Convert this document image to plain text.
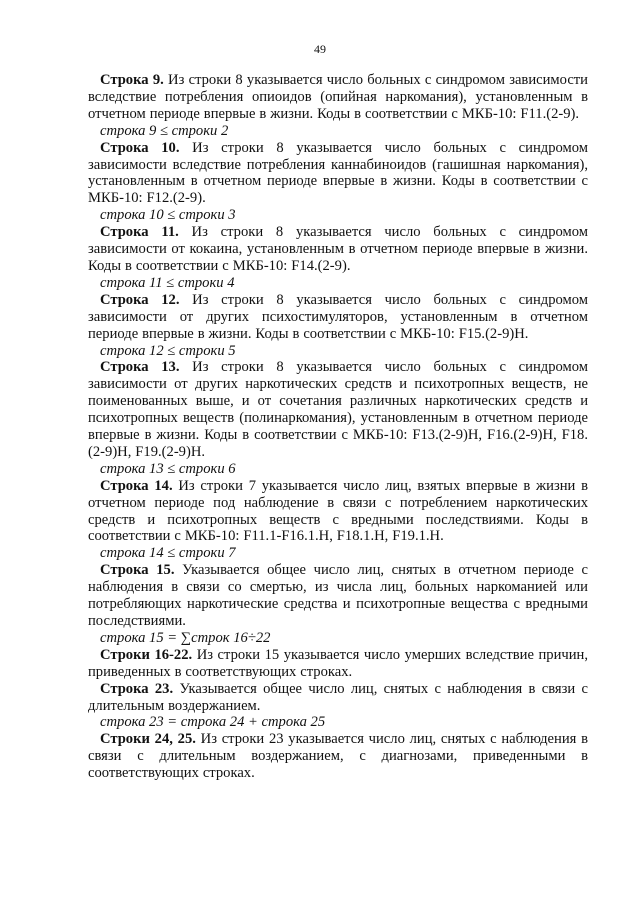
49

Строка 9. Из строки 8 указывается число больных с синдромом зависимости вследствие потребления опиоидов (опийная наркомания), установленным в отчетном периоде впервые в жизни. Коды в соответствии с МКБ-10: F11.(2-9).

строка 9 ≤ строки 2

Строка 10. Из строки 8 указывается число больных с синдромом зависимости вследствие потребления каннабиноидов (гашишная наркомания), установленным в отчетном периоде впервые в жизни. Коды в соответствии с МКБ-10: F12.(2-9).

строка 10 ≤ строки 3

Строка 11. Из строки 8 указывается число больных с синдромом зависимости от кокаина, установленным в отчетном периоде впервые в жизни. Коды в соответствии с МКБ-10: F14.(2-9).

строка 11 ≤ строки 4

Строка 12. Из строки 8 указывается число больных с синдромом зависимости от других психостимуляторов, установленным в отчетном периоде впервые в жизни. Коды в соответствии с МКБ-10: F15.(2-9)Н.

строка 12 ≤ строки 5

Строка 13. Из строки 8 указывается число больных с синдромом зависимости от других наркотических средств и психотропных веществ, не поименованных выше, и от сочетания различных наркотических средств и психотропных веществ (полинаркомания), установленным в отчетном периоде впервые в жизни. Коды в соответствии с МКБ-10: F13.(2-9)Н, F16.(2-9)Н, F18.(2-9)Н, F19.(2-9)Н.

строка 13 ≤ строки 6

Строка 14. Из строки 7 указывается число лиц, взятых впервые в жизни в отчетном периоде под наблюдение в связи с потреблением наркотических средств и психотропных веществ с вредными последствиями. Коды в соответствии с МКБ-10: F11.1-F16.1.Н, F18.1.Н, F19.1.Н.

строка 14 ≤ строки 7

Строка 15. Указывается общее число лиц, снятых в отчетном периоде с наблюдения в связи со смертью, из числа лиц, больных наркоманией или потребляющих наркотические средства и психотропные вещества с вредными последствиями.

строка 15 = ∑строк 16÷22

Строки 16-22. Из строки 15 указывается число умерших вследствие причин, приведенных в соответствующих строках.

Строка 23. Указывается общее число лиц, снятых с наблюдения в связи с длительным воздержанием.

строка 23 = строка 24 + строка 25

Строки 24, 25. Из строки 23 указывается число лиц, снятых с наблюдения в связи с длительным воздержанием, с диагнозами, приведенными в соответствующих строках.
